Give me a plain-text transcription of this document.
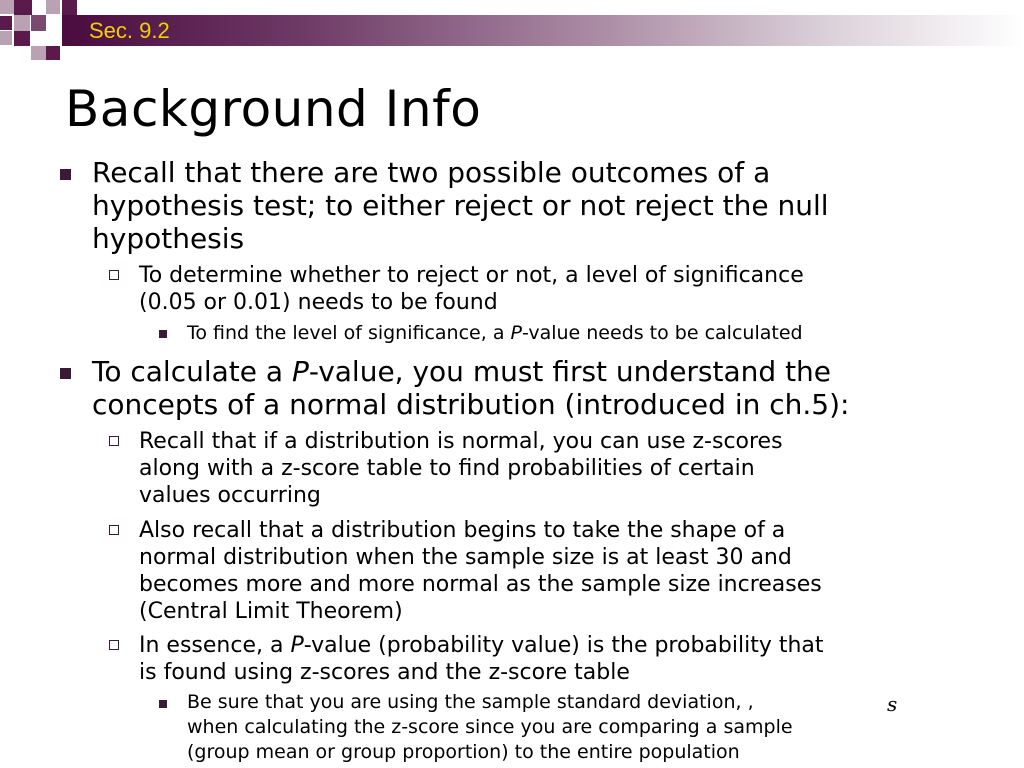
Sec. 9.2
Background Info
Recall that there are two possible outcomes of a
hypothesis test; to either reject or not reject the null
hypothesis
To determine whether to reject or not, a level of significance
(0.05 or 0.01) needs to be found
To find the level of significance, a P-value needs to be calculated
To calculate a P-value, you must first understand the
concepts of a normal distribution (introduced in ch.5):
Recall that if a distribution is normal, you can use z-scores
along with a z-score table to find probabilities of certain
values occurring
Also recall that a distribution begins to take the shape of a
normal distribution when the sample size is at least 30 and
becomes more and more normal as the sample size increases
(Central Limit Theorem)
In essence, a P-value (probability value) is the probability that
is found using z-scores and the z-score table
Be sure that you are using the sample standard deviation, ,
when calculating the z-score since you are comparing a sample
(group mean or group proportion) to the entire population
s
